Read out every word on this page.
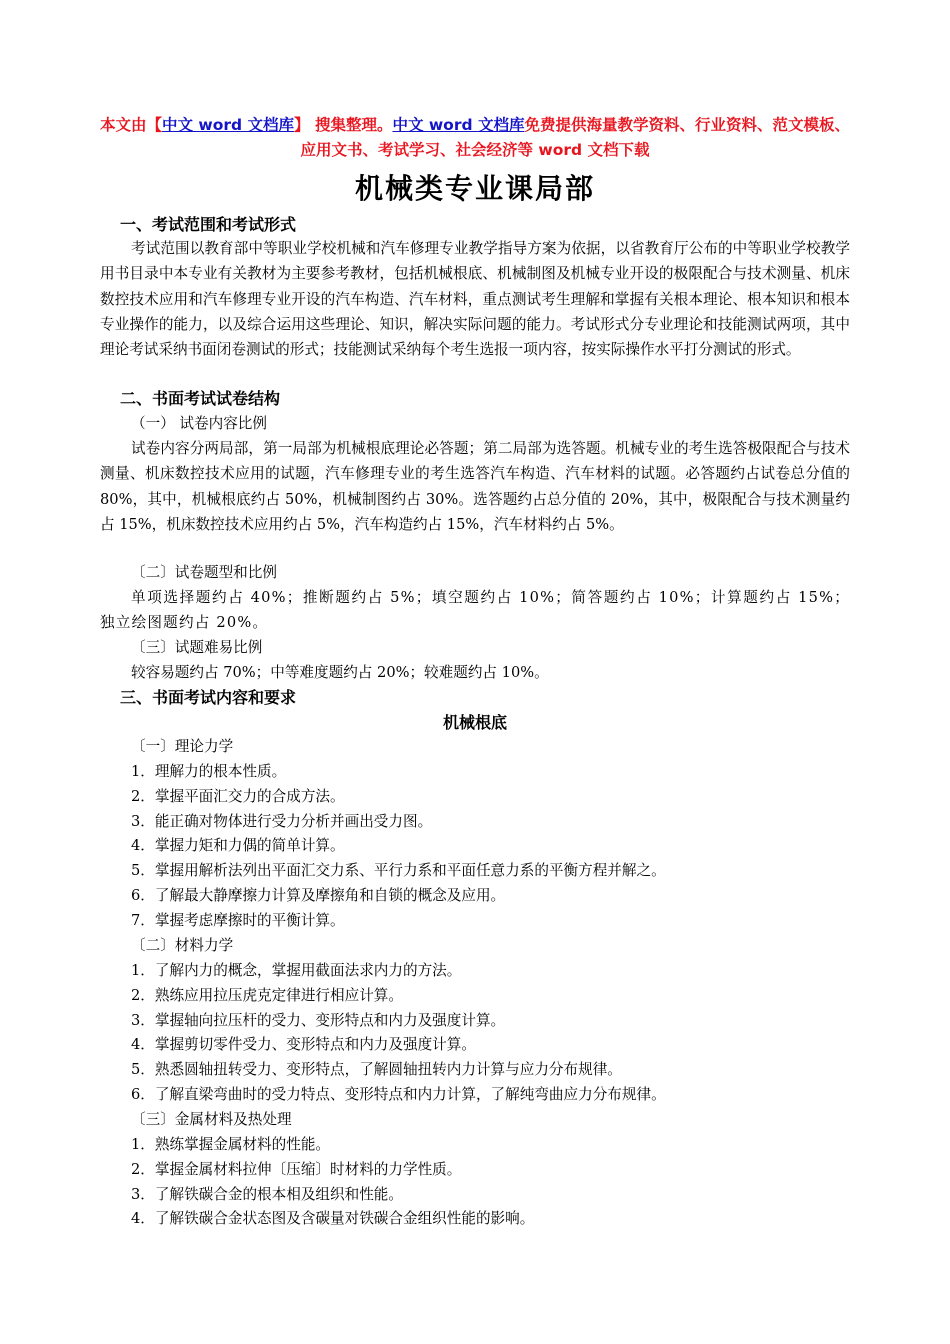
本文由【中文 word 文档库】 搜集整理。中文 word 文档库免费提供海量教学资料、行业资料、范文模板、应用文书、考试学习、社会经济等 word 文档下载
机械类专业课局部
一、考试范围和考试形式

考试范围以教育部中等职业学校机械和汽车修理专业教学指导方案为依据，以省教育厅公布的中等职业学校教学用书目录中本专业有关教材为主要参考教材，包括机械根底、机械制图及机械专业开设的极限配合与技术测量、机床数控技术应用和汽车修理专业开设的汽车构造、汽车材料，重点测试考生理解和掌握有关根本理论、根本知识和根本专业操作的能力，以及综合运用这些理论、知识，解决实际问题的能力。考试形式分专业理论和技能测试两项，其中理论考试采纳书面闭卷测试的形式；技能测试采纳每个考生选报一项内容，按实际操作水平打分测试的形式。

二、书面考试试卷结构
（一） 试卷内容比例

试卷内容分两局部，第一局部为机械根底理论必答题；第二局部为选答题。机械专业的考生选答极限配合与技术测量、机床数控技术应用的试题，汽车修理专业的考生选答汽车构造、汽车材料的试题。必答题约占试卷总分值的 80%，其中，机械根底约占 50%，机械制图约占 30%。选答题约占总分值的 20%，其中，极限配合与技术测量约占 15%，机床数控技术应用约占 5%，汽车构造约占 15%，汽车材料约占 5%。

〔二〕试卷题型和比例

单项选择题约占 40%；推断题约占 5%；填空题约占 10%；简答题约占 10%；计算题约占 15%；独立绘图题约占 20%。

〔三〕试题难易比例
较容易题约占 70%；中等难度题约占 20%；较难题约占 10%。
三、书面考试内容和要求
机械根底
〔一〕理论力学
1．理解力的根本性质。
2．掌握平面汇交力的合成方法。
3．能正确对物体进行受力分析并画出受力图。
4．掌握力矩和力偶的简单计算。
5．掌握用解析法列出平面汇交力系、平行力系和平面任意力系的平衡方程并解之。
6．了解最大静摩擦力计算及摩擦角和自锁的概念及应用。
7．掌握考虑摩擦时的平衡计算。
〔二〕材料力学
1．了解内力的概念，掌握用截面法求内力的方法。
2．熟练应用拉压虎克定律进行相应计算。
3．掌握轴向拉压杆的受力、变形特点和内力及强度计算。
4．掌握剪切零件受力、变形特点和内力及强度计算。
5．熟悉圆轴扭转受力、变形特点，了解圆轴扭转内力计算与应力分布规律。
6．了解直梁弯曲时的受力特点、变形特点和内力计算，了解纯弯曲应力分布规律。
〔三〕金属材料及热处理
1．熟练掌握金属材料的性能。
2．掌握金属材料拉伸〔压缩〕时材料的力学性质。
3．了解铁碳合金的根本相及组织和性能。
4．了解铁碳合金状态图及含碳量对铁碳合金组织性能的影响。
